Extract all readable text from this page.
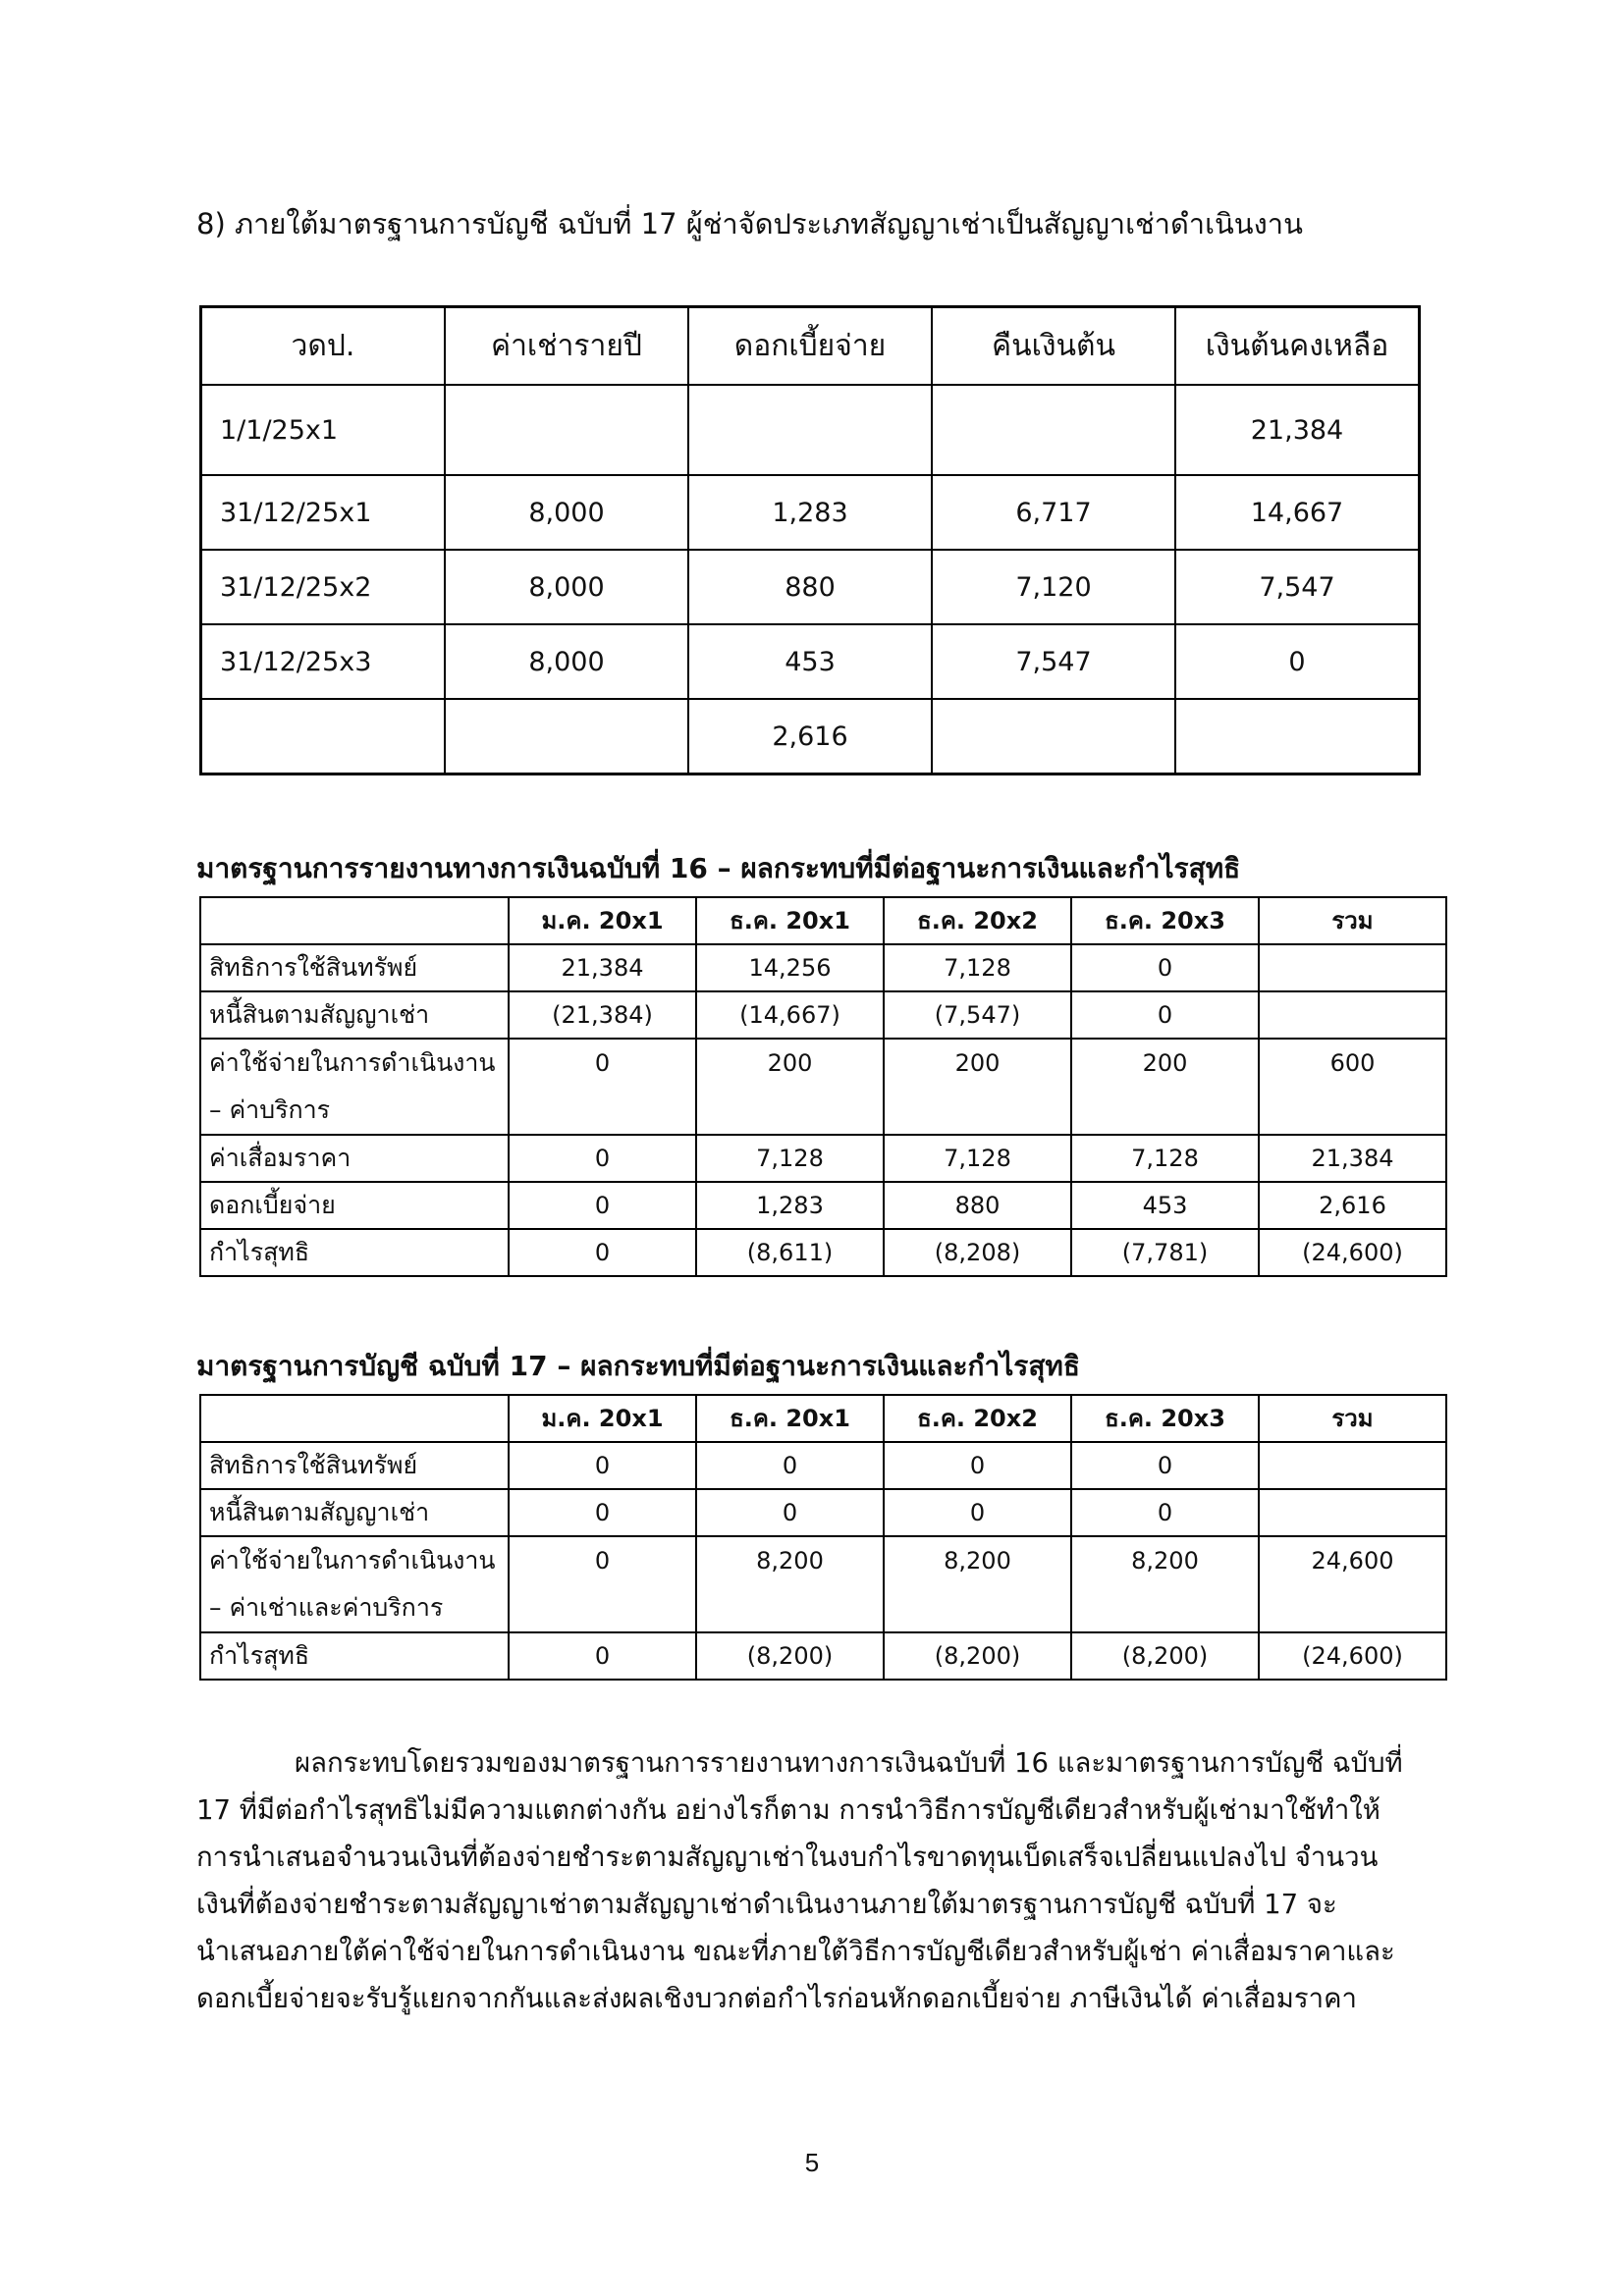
8) ภายใต้มาตรฐานการบัญชี ฉบับที่ 17 ผู้ช่าจัดประเภทสัญญาเช่าเป็นสัญญาเช่าดำเนินงาน
วดป.	ค่าเช่ารายปี	ดอกเบี้ยจ่าย	คืนเงินต้น	เงินต้นคงเหลือ
1/1/25x1				21,384
31/12/25x1	8,000	1,283	6,717	14,667
31/12/25x2	8,000	880	7,120	7,547
31/12/25x3	8,000	453	7,547	0
		2,616		
มาตรฐานการรายงานทางการเงินฉบับที่ 16 – ผลกระทบที่มีต่อฐานะการเงินและกำไรสุทธิ
	ม.ค. 20x1	ธ.ค. 20x1	ธ.ค. 20x2	ธ.ค. 20x3	รวม
สิทธิการใช้สินทรัพย์	21,384	14,256	7,128	0	
หนี้สินตามสัญญาเช่า	(21,384)	(14,667)	(7,547)	0	

ค่าใช้จ่ายในการดำเนินงาน
– ค่าบริการ	0	200	200	200	600
ค่าเสื่อมราคา	0	7,128	7,128	7,128	21,384
ดอกเบี้ยจ่าย	0	1,283	880	453	2,616
กำไรสุทธิ	0	(8,611)	(8,208)	(7,781)	(24,600)
มาตรฐานการบัญชี ฉบับที่ 17 – ผลกระทบที่มีต่อฐานะการเงินและกำไรสุทธิ
	ม.ค. 20x1	ธ.ค. 20x1	ธ.ค. 20x2	ธ.ค. 20x3	รวม
สิทธิการใช้สินทรัพย์	0	0	0	0	
หนี้สินตามสัญญาเช่า	0	0	0	0	

ค่าใช้จ่ายในการดำเนินงาน
– ค่าเช่าและค่าบริการ	0	8,200	8,200	8,200	24,600
กำไรสุทธิ	0	(8,200)	(8,200)	(8,200)	(24,600)
ผลกระทบโดยรวมของมาตรฐานการรายงานทางการเงินฉบับที่ 16 และมาตรฐานการบัญชี ฉบับที่
17 ที่มีต่อกำไรสุทธิไม่มีความแตกต่างกัน อย่างไรก็ตาม การนำวิธีการบัญชีเดียวสำหรับผู้เช่ามาใช้ทำให้
การนำเสนอจำนวนเงินที่ต้องจ่ายชำระตามสัญญาเช่าในงบกำไรขาดทุนเบ็ดเสร็จเปลี่ยนแปลงไป จำนวน
เงินที่ต้องจ่ายชำระตามสัญญาเช่าตามสัญญาเช่าดำเนินงานภายใต้มาตรฐานการบัญชี ฉบับที่ 17 จะ
นำเสนอภายใต้ค่าใช้จ่ายในการดำเนินงาน ขณะที่ภายใต้วิธีการบัญชีเดียวสำหรับผู้เช่า ค่าเสื่อมราคาและ
ดอกเบี้ยจ่ายจะรับรู้แยกจากกันและส่งผลเชิงบวกต่อกำไรก่อนหักดอกเบี้ยจ่าย ภาษีเงินได้ ค่าเสื่อมราคา
5
